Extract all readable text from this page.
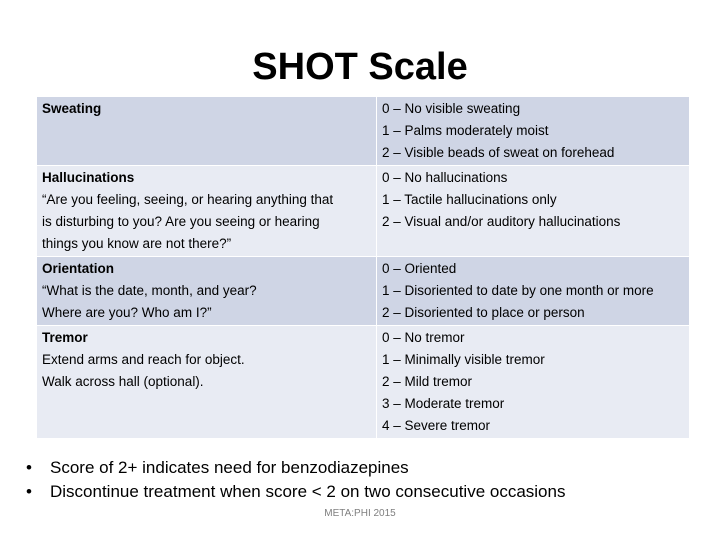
SHOT Scale
Sweating	0 – No visible sweating
1 – Palms moderately moist
2 – Visible beads of sweat on forehead

Hallucinations
“Are you feeling, seeing, or hearing anything that
is disturbing to you? Are you seeing or hearing
things you know are not there?”	0 – No hallucinations
1 – Tactile hallucinations only
2 – Visual and/or auditory hallucinations

Orientation
“What is the date, month, and year?
Where are you? Who am I?”	0 – Oriented
1 – Disoriented to date by one month or more
2 – Disoriented to place or person

Tremor
Extend arms and reach for object.
Walk across hall (optional).	0 – No tremor
1 – Minimally visible tremor
2 – Mild tremor
3 – Moderate tremor
4 – Severe tremor
• Score of 2+ indicates need for benzodiazepines
• Discontinue treatment when score < 2 on two consecutive occasions
META:PHI 2015
